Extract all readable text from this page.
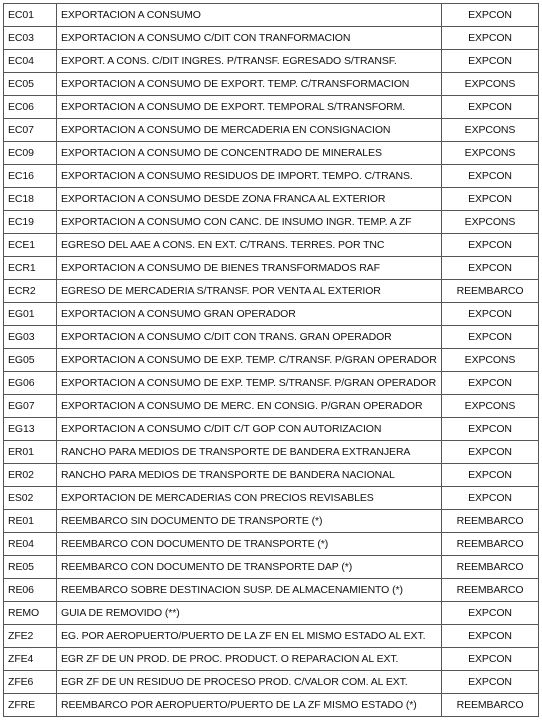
EC01	EXPORTACION A CONSUMO	EXPCON
EC03	EXPORTACION A CONSUMO C/DIT CON TRANFORMACION	EXPCON
EC04	EXPORT. A CONS. C/DIT INGRES. P/TRANSF. EGRESADO S/TRANSF.	EXPCON
EC05	EXPORTACION A CONSUMO DE EXPORT. TEMP. C/TRANSFORMACION	EXPCONS
EC06	EXPORTACION A CONSUMO DE EXPORT. TEMPORAL S/TRANSFORM.	EXPCON
EC07	EXPORTACION A CONSUMO DE MERCADERIA EN CONSIGNACION	EXPCONS
EC09	EXPORTACION A CONSUMO DE CONCENTRADO DE MINERALES	EXPCONS
EC16	EXPORTACION A CONSUMO RESIDUOS DE IMPORT. TEMPO. C/TRANS.	EXPCON
EC18	EXPORTACION A CONSUMO DESDE ZONA FRANCA AL EXTERIOR	EXPCON
EC19	EXPORTACION A CONSUMO CON CANC. DE INSUMO INGR. TEMP. A ZF	EXPCONS
ECE1	EGRESO DEL AAE A CONS. EN EXT. C/TRANS. TERRES. POR TNC	EXPCON
ECR1	EXPORTACION A CONSUMO DE BIENES TRANSFORMADOS RAF	EXPCON
ECR2	EGRESO DE MERCADERIA S/TRANSF. POR VENTA AL EXTERIOR	REEMBARCO
EG01	EXPORTACION A CONSUMO GRAN OPERADOR	EXPCON
EG03	EXPORTACION A CONSUMO C/DIT CON TRANS. GRAN OPERADOR	EXPCON
EG05	EXPORTACION A CONSUMO DE EXP. TEMP. C/TRANSF. P/GRAN OPERADOR	EXPCONS
EG06	EXPORTACION A CONSUMO DE EXP. TEMP. S/TRANSF. P/GRAN OPERADOR	EXPCON
EG07	EXPORTACION A CONSUMO DE MERC. EN CONSIG. P/GRAN OPERADOR	EXPCONS
EG13	EXPORTACION A CONSUMO C/DIT C/T GOP CON AUTORIZACION	EXPCON
ER01	RANCHO PARA MEDIOS DE TRANSPORTE DE BANDERA EXTRANJERA	EXPCON
ER02	RANCHO PARA MEDIOS DE TRANSPORTE DE BANDERA NACIONAL	EXPCON
ES02	EXPORTACION DE MERCADERIAS CON PRECIOS REVISABLES	EXPCON
RE01	REEMBARCO SIN DOCUMENTO DE TRANSPORTE (*)	REEMBARCO
RE04	REEMBARCO CON DOCUMENTO DE TRANSPORTE (*)	REEMBARCO
RE05	REEMBARCO CON DOCUMENTO DE TRANSPORTE DAP (*)	REEMBARCO
RE06	REEMBARCO SOBRE DESTINACION SUSP. DE ALMACENAMIENTO (*)	REEMBARCO
REMO	GUIA DE REMOVIDO (**)	EXPCON
ZFE2	EG. POR AEROPUERTO/PUERTO DE LA ZF EN EL MISMO ESTADO AL EXT.	EXPCON
ZFE4	EGR ZF DE UN PROD. DE PROC. PRODUCT. O REPARACION AL EXT.	EXPCON
ZFE6	EGR ZF DE UN RESIDUO DE PROCESO PROD. C/VALOR COM. AL EXT.	EXPCON
ZFRE	REEMBARCO POR AEROPUERTO/PUERTO DE LA ZF MISMO ESTADO (*)	REEMBARCO
